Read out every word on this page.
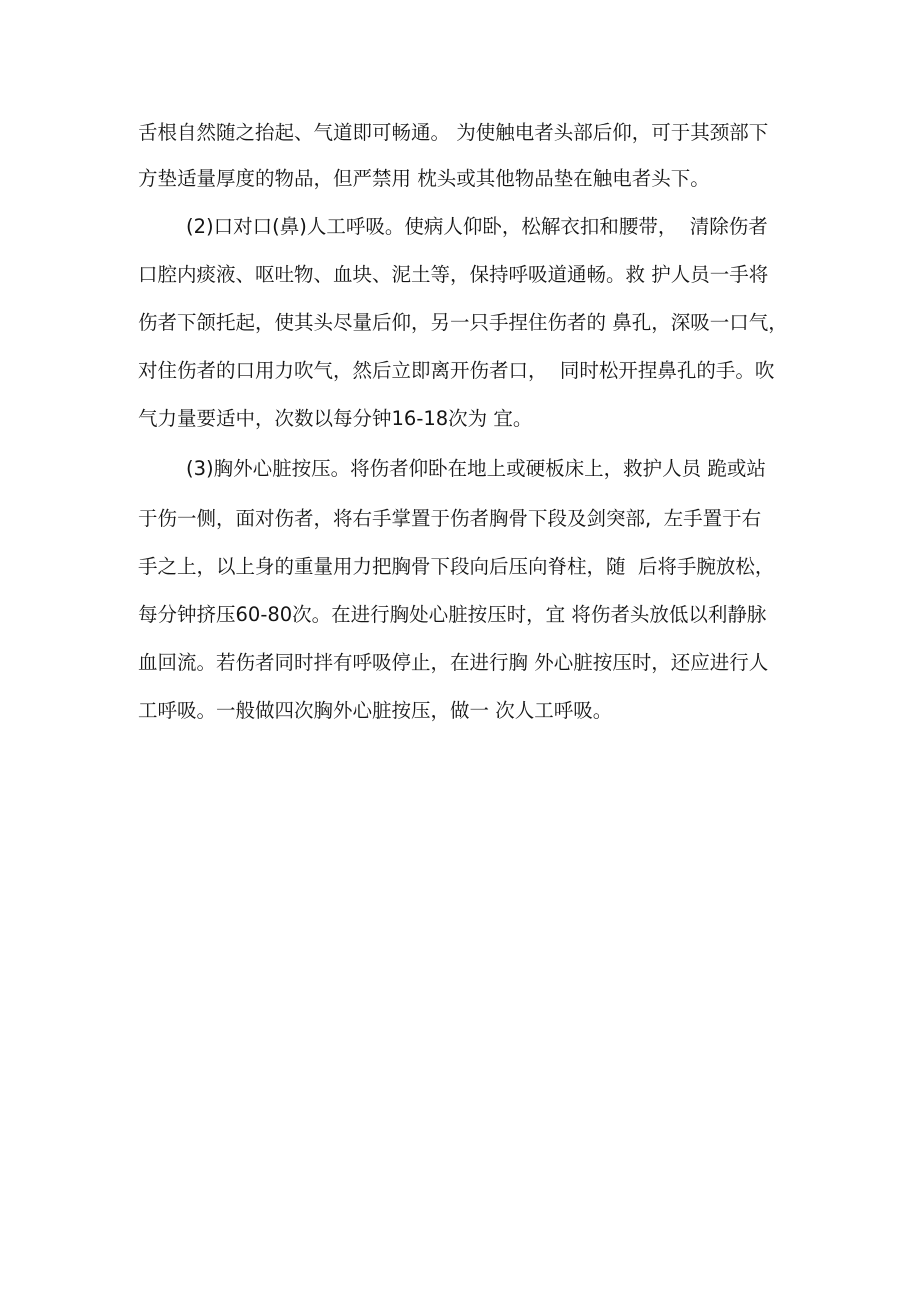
舌根自然随之抬起、气道即可畅通。 为使触电者头部后仰，可于其颈部下
方垫适量厚度的物品，但严禁用 枕头或其他物品垫在触电者头下。
(2)口对口(鼻)人工呼吸。使病人仰卧，松解衣扣和腰带，  清除伤者
口腔内痰液、呕吐物、血块、泥土等，保持呼吸道通畅。救 护人员一手将
伤者下颌托起，使其头尽量后仰，另一只手捏住伤者的 鼻孔，深吸一口气，
对住伤者的口用力吹气，然后立即离开伤者口，  同时松开捏鼻孔的手。吹
气力量要适中，次数以每分钟16-18次为 宜。
(3)胸外心脏按压。将伤者仰卧在地上或硬板床上，救护人员 跪或站
于伤一侧，面对伤者，将右手掌置于伤者胸骨下段及剑突部,  左手置于右
手之上，以上身的重量用力把胸骨下段向后压向脊柱，随  后将手腕放松，
每分钟挤压60-80次。在进行胸处心脏按压时，宜 将伤者头放低以利静脉
血回流。若伤者同时拌有呼吸停止，在进行胸 外心脏按压时，还应进行人
工呼吸。一般做四次胸外心脏按压，做一 次人工呼吸。
